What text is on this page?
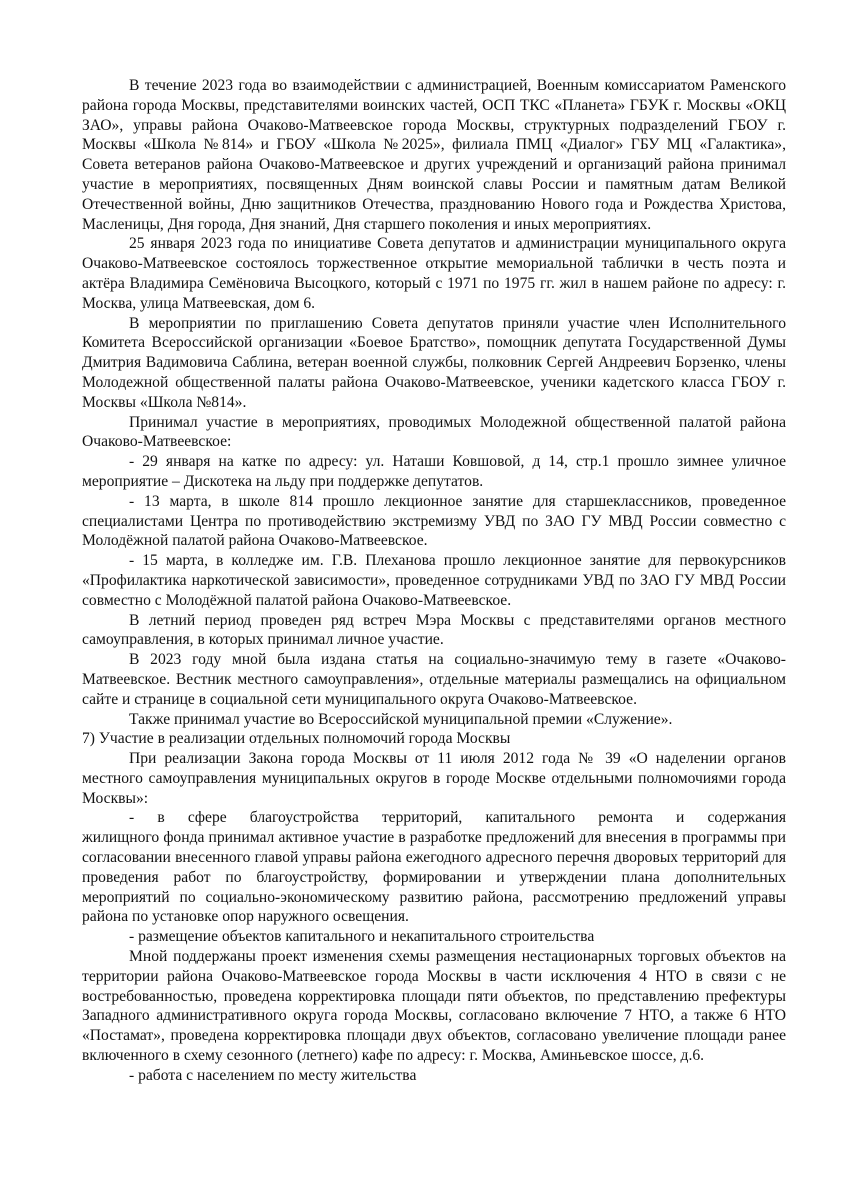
В течение 2023 года во взаимодействии с администрацией, Военным комиссариатом Раменского района города Москвы, представителями воинских частей, ОСП ТКС «Планета» ГБУК г. Москвы «ОКЦ ЗАО», управы района Очаково-Матвеевское города Москвы, структурных подразделений ГБОУ г. Москвы «Школа №814» и ГБОУ «Школа №2025», филиала ПМЦ «Диалог» ГБУ МЦ «Галактика», Совета ветеранов района Очаково-Матвеевское и других учреждений и организаций района принимал участие в мероприятиях, посвященных Дням воинской славы России и памятным датам Великой Отечественной войны, Дню защитников Отечества, празднованию Нового года и Рождества Христова, Масленицы, Дня города, Дня знаний, Дня старшего поколения и иных мероприятиях.

25 января 2023 года по инициативе Совета депутатов и администрации муниципального округа Очаково-Матвеевское состоялось торжественное открытие мемориальной таблички в честь поэта и актёра Владимира Семёновича Высоцкого, который с 1971 по 1975 гг. жил в нашем районе по адресу: г. Москва, улица Матвеевская, дом 6.

В мероприятии по приглашению Совета депутатов приняли участие член Исполнительного Комитета Всероссийской организации «Боевое Братство», помощник депутата Государственной Думы Дмитрия Вадимовича Саблина, ветеран военной службы, полковник Сергей Андреевич Борзенко, члены Молодежной общественной палаты района Очаково-Матвеевское, ученики кадетского класса ГБОУ г. Москвы «Школа №814».

Принимал участие в мероприятиях, проводимых Молодежной общественной палатой района Очаково-Матвеевское:

- 29 января на катке по адресу: ул. Наташи Ковшовой, д 14, стр.1 прошло зимнее уличное мероприятие – Дискотека на льду при поддержке депутатов.

- 13 марта, в школе 814 прошло лекционное занятие для старшеклассников, проведенное специалистами Центра по противодействию экстремизму УВД по ЗАО ГУ МВД России совместно с Молодёжной палатой района Очаково-Матвеевское.

- 15 марта, в колледже им. Г.В. Плеханова прошло лекционное занятие для первокурсников «Профилактика наркотической зависимости», проведенное сотрудниками УВД по ЗАО ГУ МВД России совместно с Молодёжной палатой района Очаково-Матвеевское.

В летний период проведен ряд встреч Мэра Москвы с представителями органов местного самоуправления, в которых принимал личное участие.

В 2023 году мной была издана статья на социально-значимую тему в газете «Очаково-Матвеевское. Вестник местного самоуправления», отдельные материалы размещались на официальном сайте и странице в социальной сети муниципального округа Очаково-Матвеевское.

Также принимал участие во Всероссийской муниципальной премии «Служение».

7) Участие в реализации отдельных полномочий города Москвы

При реализации Закона города Москвы от 11 июля 2012 года № 39 «О наделении органов местного самоуправления муниципальных округов в городе Москве отдельными полномочиями города Москвы»:

- в сфере благоустройства территорий, капитального ремонта и содержания

жилищного фонда принимал активное участие в разработке предложений для внесения в программы при согласовании внесенного главой управы района ежегодного адресного перечня дворовых территорий для проведения работ по благоустройству, формировании и утверждении плана дополнительных мероприятий по социально-экономическому развитию района, рассмотрению предложений управы района по установке опор наружного освещения.

- размещение объектов капитального и некапитального строительства

Мной поддержаны проект изменения схемы размещения нестационарных торговых объектов на территории района Очаково-Матвеевское города Москвы в части исключения 4 НТО в связи с не востребованностью, проведена корректировка площади пяти объектов, по представлению префектуры Западного административного округа города Москвы, согласовано включение 7 НТО, а также 6 НТО «Постамат», проведена корректировка площади двух объектов, согласовано увеличение площади ранее включенного в схему сезонного (летнего) кафе по адресу: г. Москва, Аминьевское шоссе, д.6.

- работа с населением по месту жительства
